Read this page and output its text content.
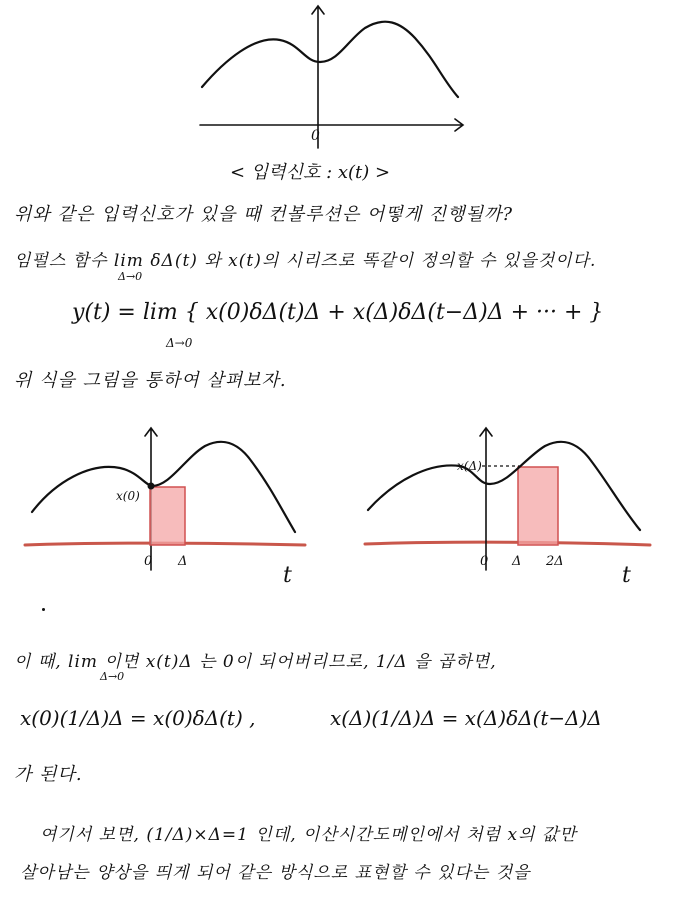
0
< 입력신호 : x(t) >
위와 같은 입력신호가 있을 때 컨볼루션은 어떻게 진행될까?
임펄스 함수 lim δΔ(t) 와 x(t)의 시리즈로 똑같이 정의할 수 있을것이다.
Δ→0
y(t) = lim { x(0)δΔ(t)Δ + x(Δ)δΔ(t−Δ)Δ + ··· + }
Δ→0
위 식을 그림을 통하여 살펴보자.
x(0)
0 Δ
t
x(Δ)
0 Δ 2Δ
t
이 때, lim 이면 x(t)Δ 는 0이 되어버리므로, 1/Δ 을 곱하면,
Δ→0
x(0)(1/Δ)Δ = x(0)δΔ(t) ,	x(Δ)(1/Δ)Δ = x(Δ)δΔ(t−Δ)Δ
가 된다.
여기서 보면, (1/Δ)×Δ=1 인데, 이산시간도메인에서 처럼 x의 값만
살아남는 양상을 띄게 되어 같은 방식으로 표현할 수 있다는 것을
